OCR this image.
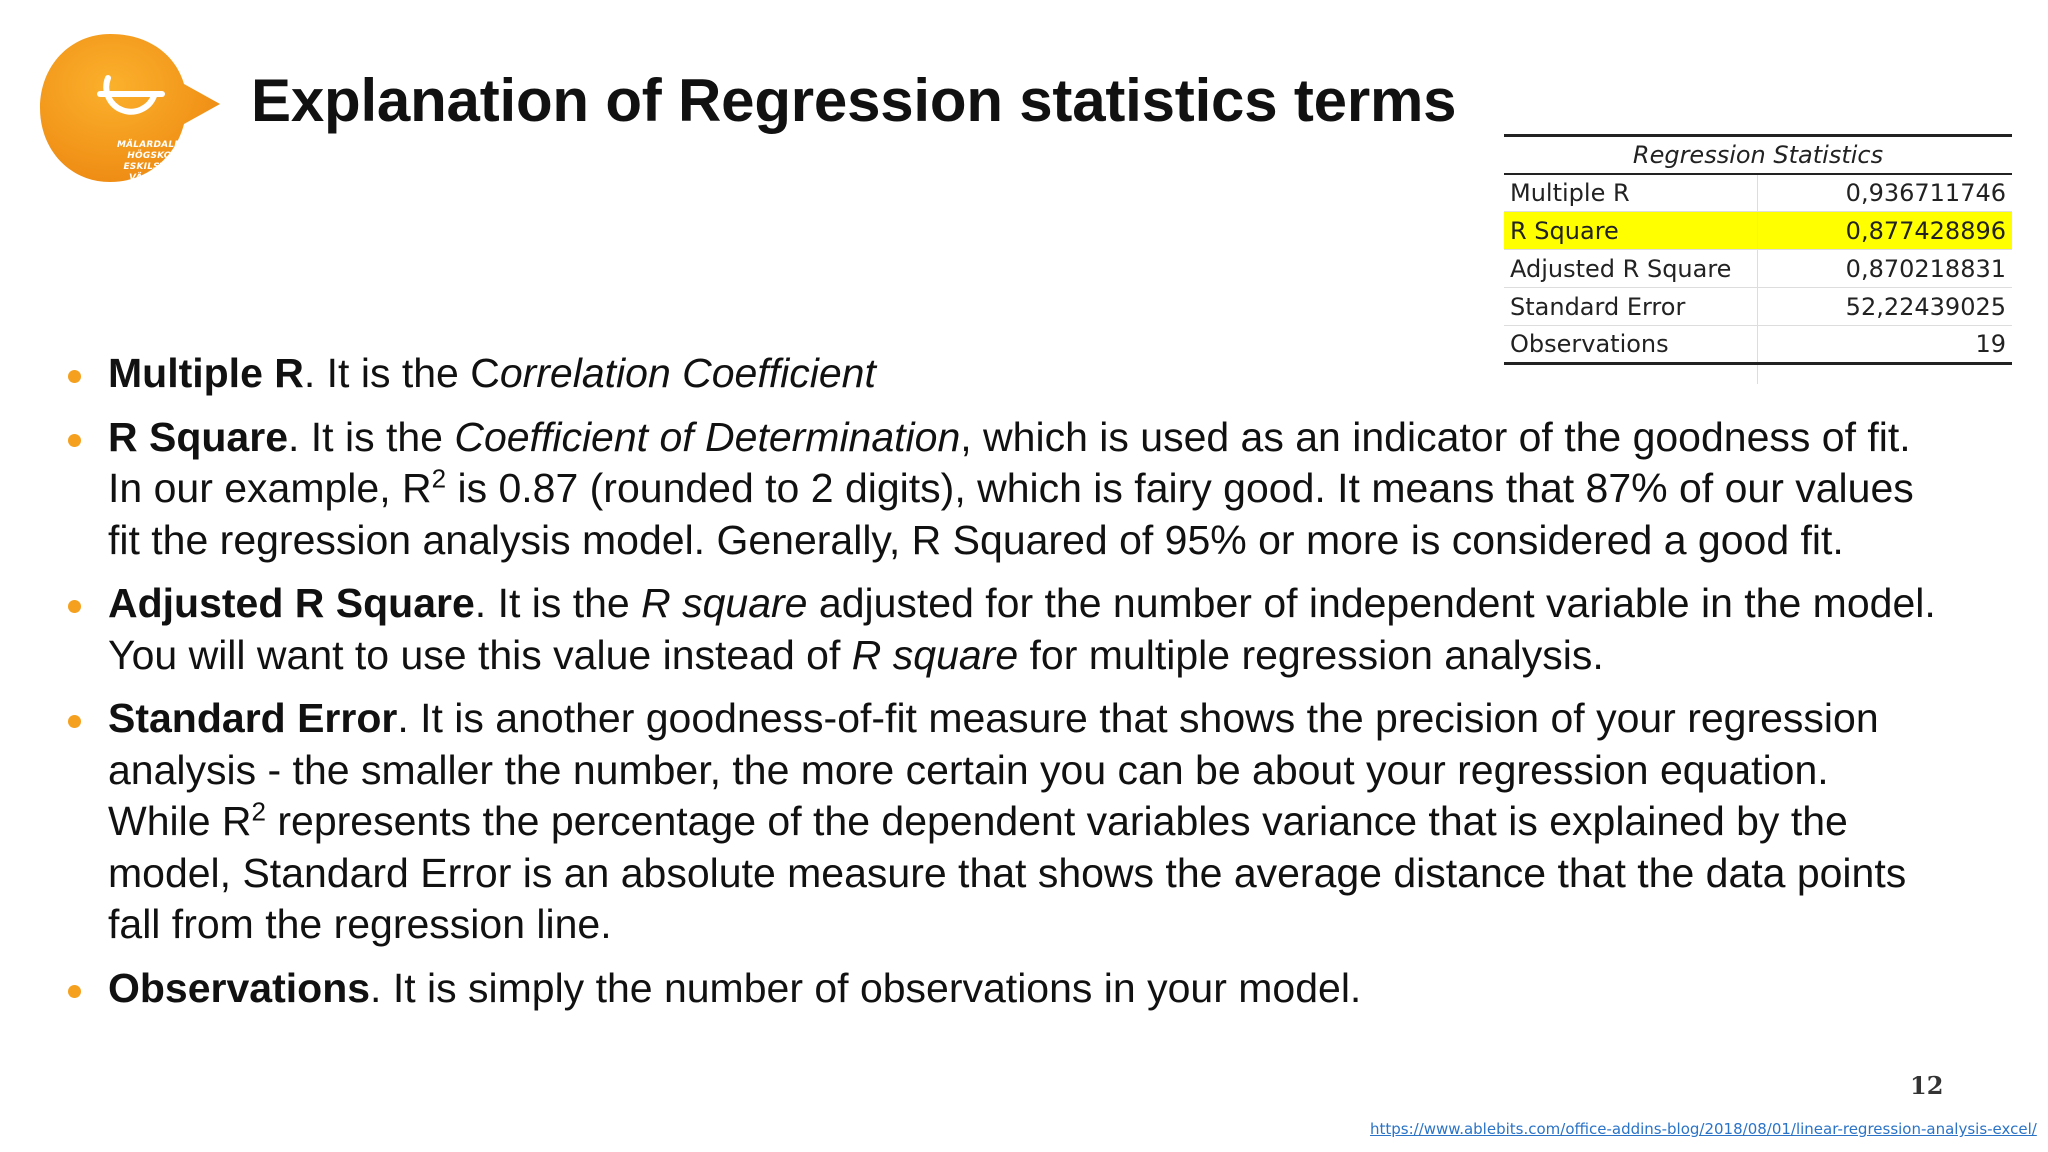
MÄLARDALENS HÖGSKOLA
ESKILSTUNA VÄSTERÅS
Explanation of Regression statistics terms
Regression Statistics	
Multiple R	0,936711746
R Square	0,877428896
Adjusted R Square	0,870218831
Standard Error	52,22439025
Observations	19

Multiple R. It is the Correlation Coefficient
R Square. It is the Coefficient of Determination, which is used as an indicator of the goodness of fit. In our example, $R^2$ is 0.87 (rounded to 2 digits), which is fairy good. It means that 87% of our values fit the regression analysis model. Generally, R Squared of 95% or more is considered a good fit.
Adjusted R Square. It is the R square adjusted for the number of independent variable in the model. You will want to use this value instead of R square for multiple regression analysis.
Standard Error. It is another goodness-of-fit measure that shows the precision of your regression analysis - the smaller the number, the more certain you can be about your regression equation. While $R^2$ represents the percentage of the dependent variables variance that is explained by the model, Standard Error is an absolute measure that shows the average distance that the data points fall from the regression line.
Observations. It is simply the number of observations in your model.
12
https://www.ablebits.com/office-addins-blog/2018/08/01/linear-regression-analysis-excel/
